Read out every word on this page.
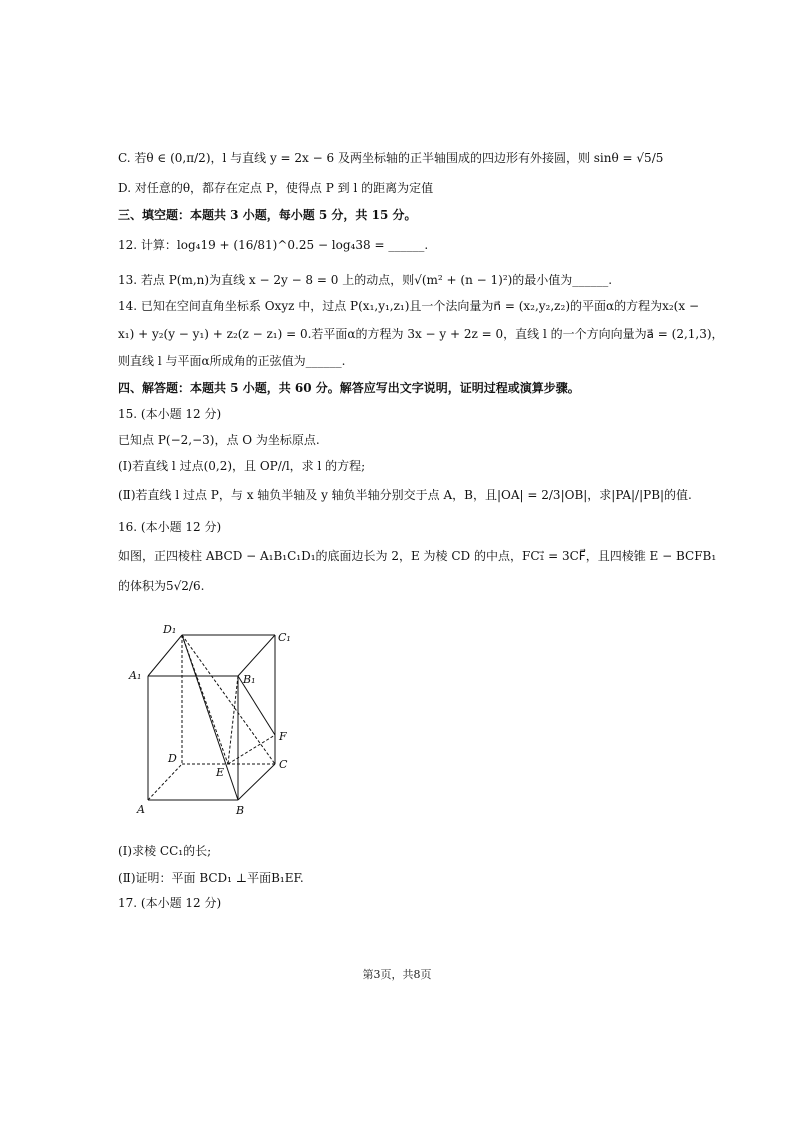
C. 若θ ∈ (0,π/2)，l 与直线 y = 2x − 6 及两坐标轴的正半轴围成的四边形有外接圆，则 sinθ = √5/5
D. 对任意的θ，都存在定点 P，使得点 P 到 l 的距离为定值
三、填空题：本题共 3 小题，每小题 5 分，共 15 分。
12. 计算：log₄19 + (16/81)^0.25 − log₄38 = ______.
13. 若点 P(m,n)为直线 x − 2y − 8 = 0 上的动点，则√(m² + (n − 1)²)的最小值为______.
14. 已知在空间直角坐标系 Oxyz 中，过点 P(x₁,y₁,z₁)且一个法向量为n⃗ = (x₂,y₂,z₂)的平面α的方程为x₂(x −
x₁) + y₂(y − y₁) + z₂(z − z₁) = 0.若平面α的方程为 3x − y + 2z = 0，直线 l 的一个方向向量为a⃗ = (2,1,3)，
则直线 l 与平面α所成角的正弦值为______.
四、解答题：本题共 5 小题，共 60 分。解答应写出文字说明，证明过程或演算步骤。
15. (本小题 12 分)
已知点 P(−2,−3)，点 O 为坐标原点.
(Ⅰ)若直线 l 过点(0,2)，且 OP//l，求 l 的方程;
(Ⅱ)若直线 l 过点 P，与 x 轴负半轴及 y 轴负半轴分别交于点 A，B，且|OA| = 2/3|OB|，求|PA|/|PB|的值.
16. (本小题 12 分)
如图，正四棱柱 ABCD − A₁B₁C₁D₁的底面边长为 2，E 为棱 CD 的中点，FC₁⃗ = 3CF⃗，且四棱锥 E − BCFB₁
的体积为5√2/6.
D₁
C₁
A₁	B₁
F
D
E
C
A	B
(Ⅰ)求棱 CC₁的长;
(Ⅱ)证明：平面 BCD₁ ⊥平面B₁EF.
17. (本小题 12 分)
第3页，共8页
